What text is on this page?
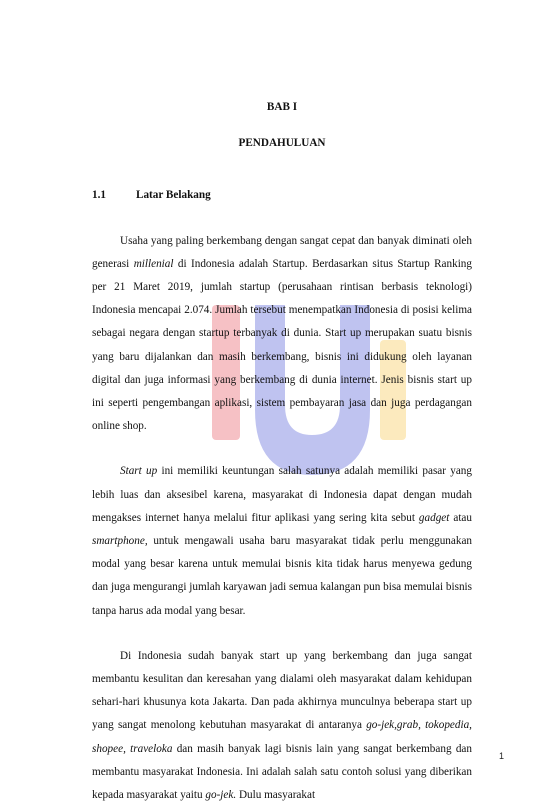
BAB I
PENDAHULUAN
1.1	Latar Belakang

Usaha yang paling berkembang dengan sangat cepat dan banyak diminati oleh generasi millenial di Indonesia adalah Startup. Berdasarkan situs Startup Ranking per 21 Maret 2019, jumlah startup (perusahaan rintisan berbasis teknologi) Indonesia mencapai 2.074. Jumlah tersebut menempatkan Indonesia di posisi kelima sebagai negara dengan startup terbanyak di dunia. Start up merupakan suatu bisnis yang baru dijalankan dan masih berkembang, bisnis ini didukung oleh layanan digital dan juga informasi yang berkembang di dunia internet. Jenis bisnis start up ini seperti pengembangan aplikasi, sistem pembayaran jasa dan juga perdagangan online shop.

Start up ini memiliki keuntungan salah satunya adalah memiliki pasar yang lebih luas dan aksesibel karena, masyarakat di Indonesia dapat dengan mudah mengakses internet hanya melalui fitur aplikasi yang sering kita sebut gadget atau smartphone, untuk mengawali usaha baru masyarakat tidak perlu menggunakan modal yang besar karena untuk memulai bisnis kita tidak harus menyewa gedung dan juga mengurangi jumlah karyawan jadi semua kalangan pun bisa memulai bisnis tanpa harus ada modal yang besar.

Di Indonesia sudah banyak start up yang berkembang dan juga sangat membantu kesulitan dan keresahan yang dialami oleh masyarakat dalam kehidupan sehari-hari khusunya kota Jakarta. Dan pada akhirnya munculnya beberapa start up yang sangat menolong kebutuhan masyarakat di antaranya go-jek,grab, tokopedia, shopee, traveloka dan masih banyak lagi bisnis lain yang sangat berkembang dan membantu masyarakat Indonesia. Ini adalah salah satu contoh solusi yang diberikan kepada masyarakat yaitu go-jek. Dulu masyarakat

1
